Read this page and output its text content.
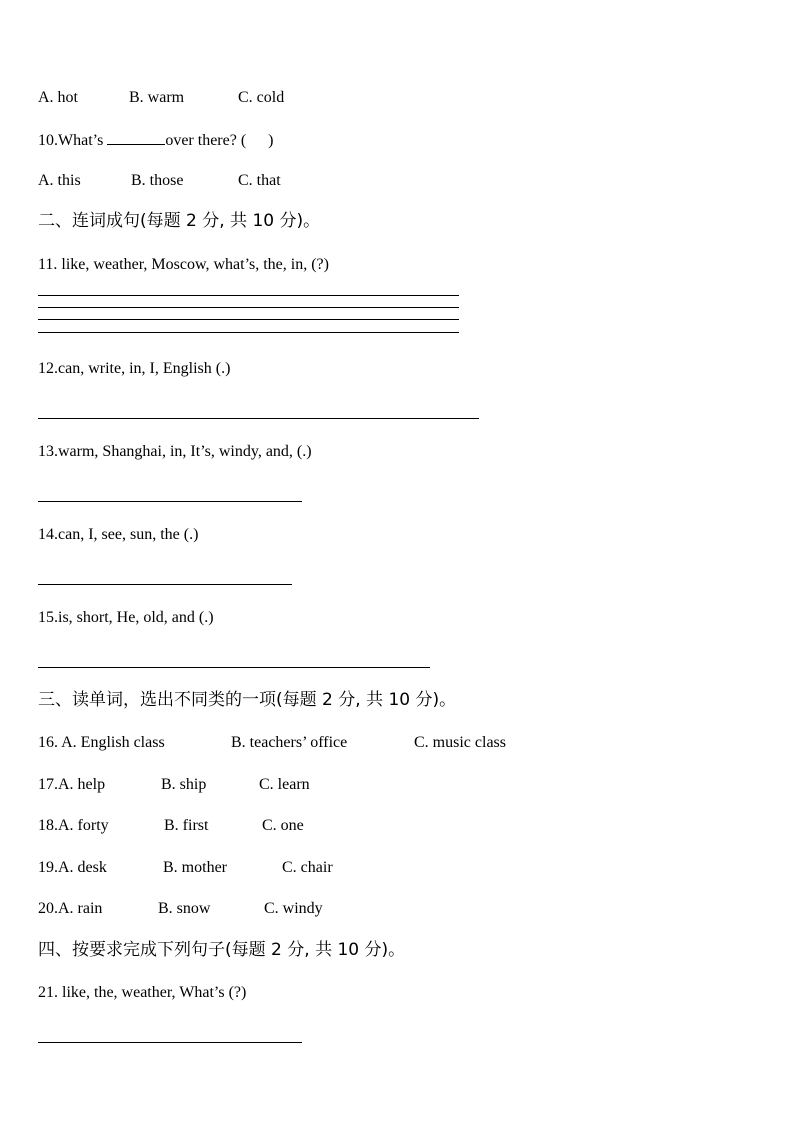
A. hot	B. warm	C. cold
10.What’s	over there? ( )
A. this	B. those	C. that
二、连词成句(每题 2 分, 共 10 分)。
11. like, weather, Moscow, what’s, the, in, (?)
12.can, write, in, I, English (.)
13.warm, Shanghai, in, It’s, windy, and, (.)
14.can, I, see, sun, the (.)
15.is, short, He, old, and (.)
三、读单词，选出不同类的一项(每题 2 分, 共 10 分)。
16. A. English class	B. teachers’ office	C. music class
17.A. help	B. ship	C. learn
18.A. forty	B. first	C. one
19.A. desk	B. mother	C. chair
20.A. rain	B. snow	C. windy
四、按要求完成下列句子(每题 2 分, 共 10 分)。
21. like, the, weather, What’s (?)
